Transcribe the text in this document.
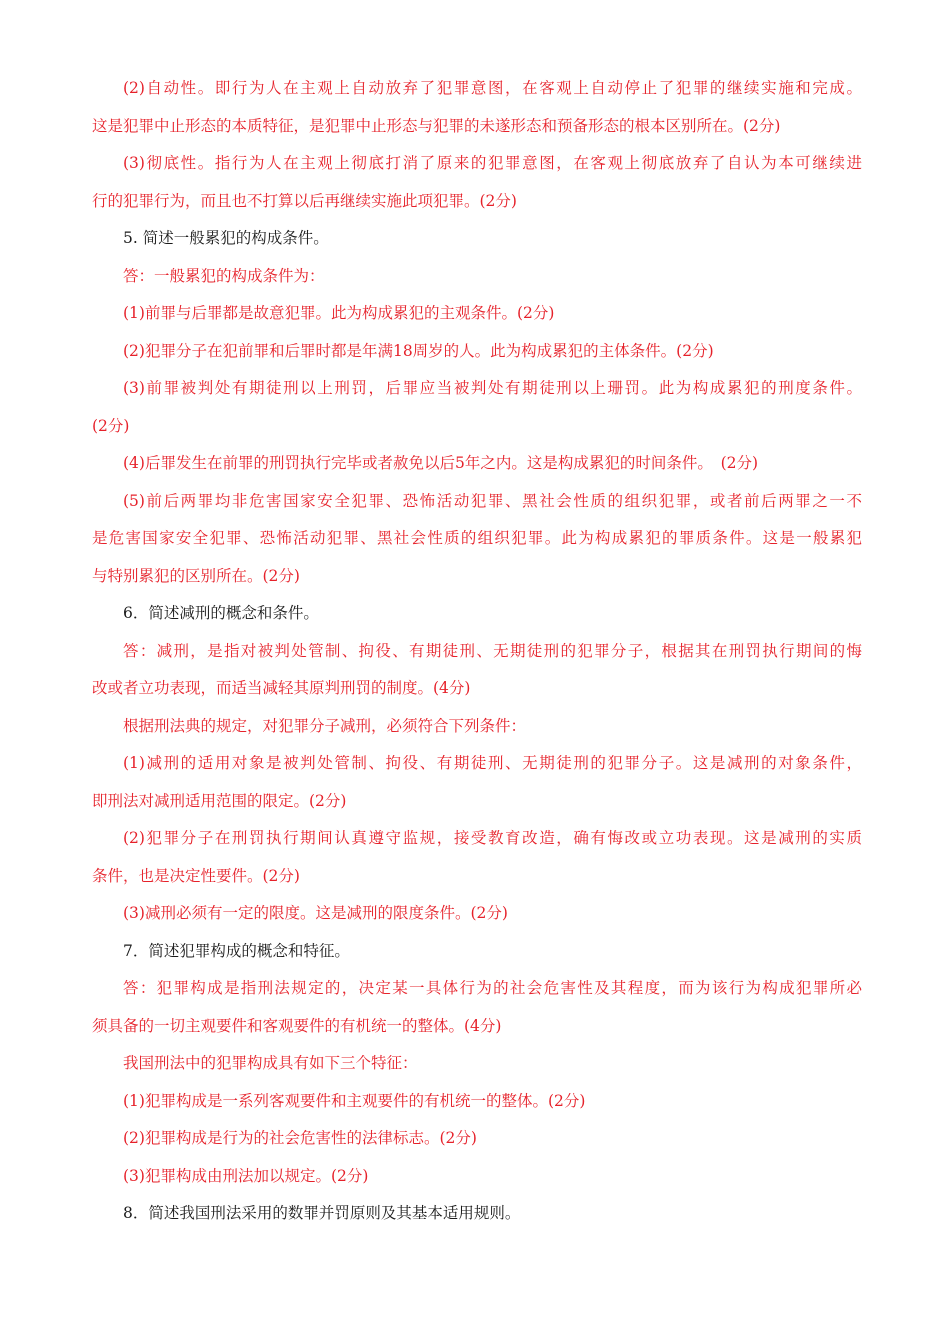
(2)自动性。即行为人在主观上自动放弃了犯罪意图，在客观上自动停止了犯罪的继续实施和完成。
这是犯罪中止形态的本质特征，是犯罪中止形态与犯罪的未遂形态和预备形态的根本区别所在。(2分)
(3)彻底性。指行为人在主观上彻底打消了原来的犯罪意图，在客观上彻底放弃了自认为本可继续进
行的犯罪行为，而且也不打算以后再继续实施此项犯罪。(2分)
5. 简述一般累犯的构成条件。
答：一般累犯的构成条件为：
(1)前罪与后罪都是故意犯罪。此为构成累犯的主观条件。(2分)
(2)犯罪分子在犯前罪和后罪时都是年满18周岁的人。此为构成累犯的主体条件。(2分)
(3)前罪被判处有期徒刑以上刑罚，后罪应当被判处有期徒刑以上珊罚。此为构成累犯的刑度条件。
(2分)
(4)后罪发生在前罪的刑罚执行完毕或者赦免以后5年之内。这是构成累犯的时间条件。　(2分)
(5)前后两罪均非危害国家安全犯罪、恐怖活动犯罪、黑社会性质的组织犯罪，或者前后两罪之一不
是危害国家安全犯罪、恐怖活动犯罪、黑社会性质的组织犯罪。此为构成累犯的罪质条件。这是一般累犯
与特别累犯的区别所在。(2分)
6．简述减刑的概念和条件。
答：减刑，是指对被判处管制、拘役、有期徒刑、无期徒刑的犯罪分子，根据其在刑罚执行期间的悔
改或者立功表现，而适当减轻其原判刑罚的制度。(4分)
根据刑法典的规定，对犯罪分子减刑，必须符合下列条件：
(1)减刑的适用对象是被判处管制、拘役、有期徒刑、无期徒刑的犯罪分子。这是减刑的对象条件，
即刑法对减刑适用范围的限定。(2分)
(2)犯罪分子在刑罚执行期间认真遵守监规，接受教育改造，确有悔改或立功表现。这是减刑的实质
条件，也是决定性要件。(2分)
(3)减刑必须有一定的限度。这是减刑的限度条件。(2分)
7．简述犯罪构成的概念和特征。
答：犯罪构成是指刑法规定的，决定某一具体行为的社会危害性及其程度，而为该行为构成犯罪所必
须具备的一切主观要件和客观要件的有机统一的整体。(4分)
我国刑法中的犯罪构成具有如下三个特征：
(1)犯罪构成是一系列客观要件和主观要件的有机统一的整体。(2分)
(2)犯罪构成是行为的社会危害性的法律标志。(2分)
(3)犯罪构成由刑法加以规定。(2分)
8．简述我国刑法采用的数罪并罚原则及其基本适用规则。
